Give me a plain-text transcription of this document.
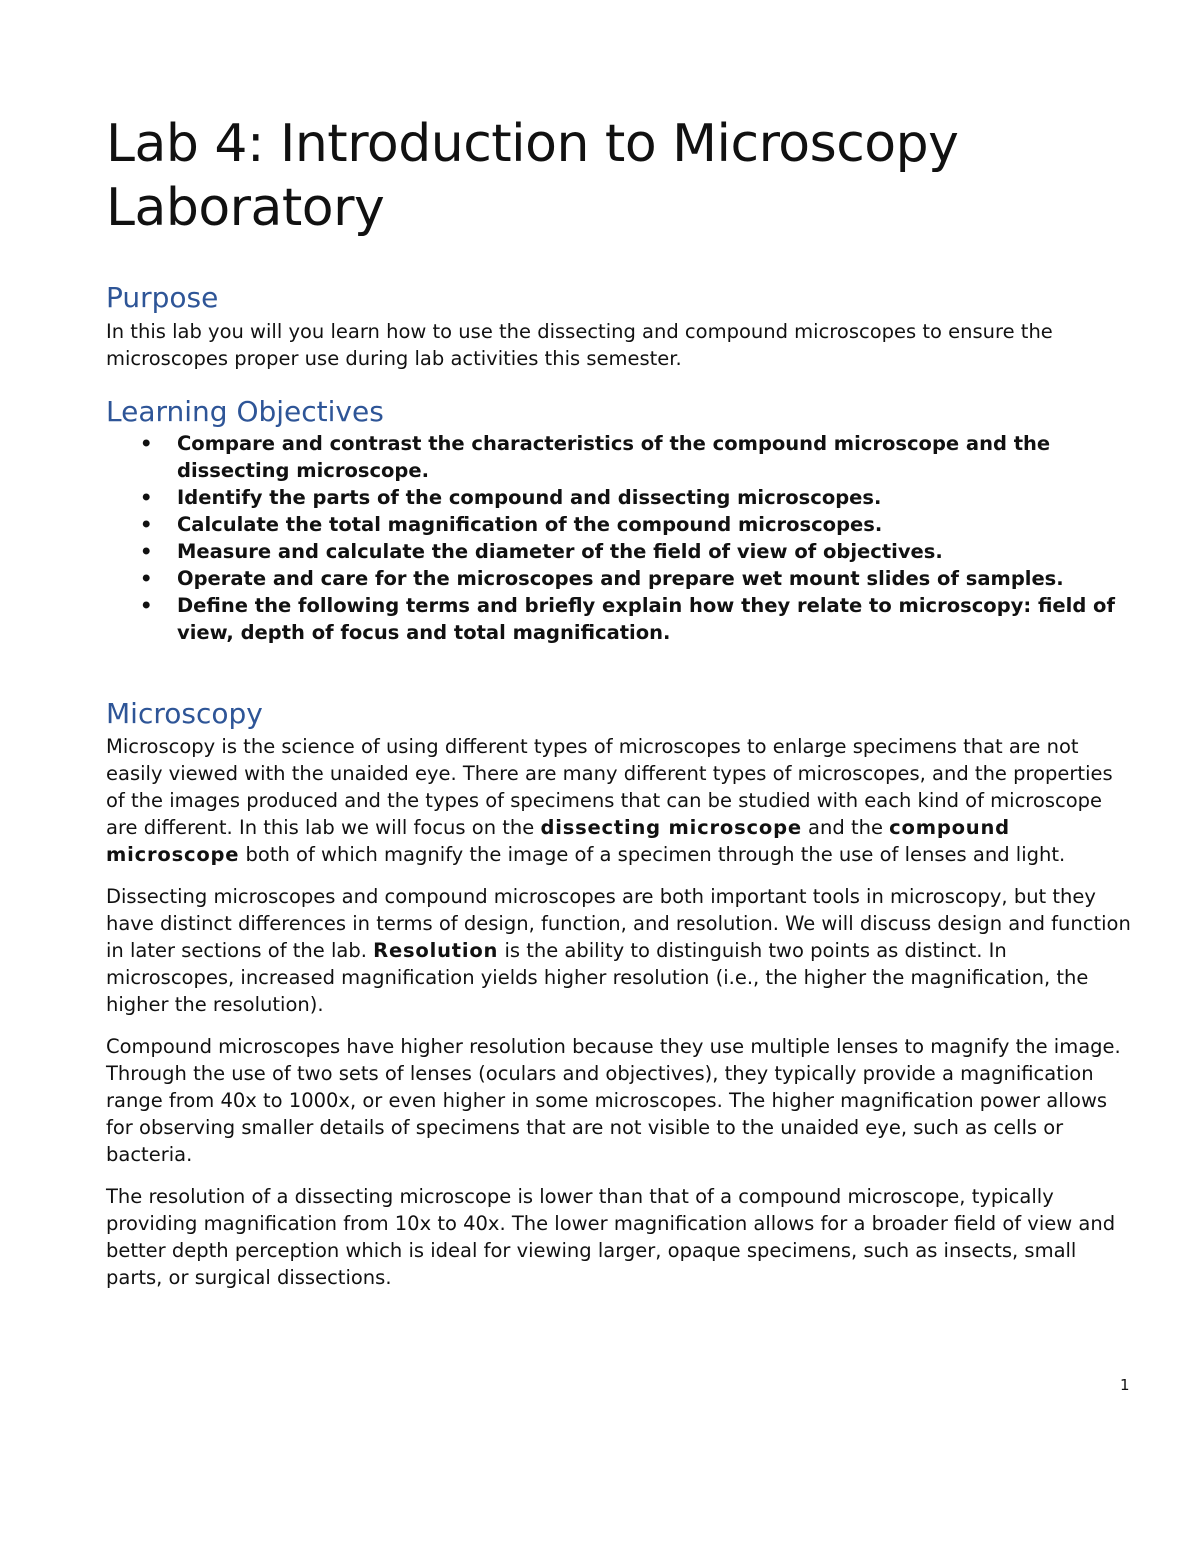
Lab 4: Introduction to Microscopy Laboratory
Purpose

In this lab you will you learn how to use the dissecting and compound microscopes to ensure the microscopes proper use during lab activities this semester.

Learning Objectives
• Compare and contrast the characteristics of the compound microscope and the dissecting microscope.
• Identify the parts of the compound and dissecting microscopes.
• Calculate the total magnification of the compound microscopes.
• Measure and calculate the diameter of the field of view of objectives.
• Operate and care for the microscopes and prepare wet mount slides of samples.
• Define the following terms and briefly explain how they relate to microscopy: field of view, depth of focus and total magnification.
Microscopy

Microscopy is the science of using different types of microscopes to enlarge specimens that are not easily viewed with the unaided eye. There are many different types of microscopes, and the properties of the images produced and the types of specimens that can be studied with each kind of microscope are different. In this lab we will focus on the dissecting microscope and the compound microscope both of which magnify the image of a specimen through the use of lenses and light.

Dissecting microscopes and compound microscopes are both important tools in microscopy, but they have distinct differences in terms of design, function, and resolution. We will discuss design and function in later sections of the lab. Resolution is the ability to distinguish two points as distinct. In microscopes, increased magnification yields higher resolution (i.e., the higher the magnification, the higher the resolution).

Compound microscopes have higher resolution because they use multiple lenses to magnify the image. Through the use of two sets of lenses (oculars and objectives), they typically provide a magnification range from 40x to 1000x, or even higher in some microscopes. The higher magnification power allows for observing smaller details of specimens that are not visible to the unaided eye, such as cells or bacteria.

The resolution of a dissecting microscope is lower than that of a compound microscope, typically providing magnification from 10x to 40x. The lower magnification allows for a broader field of view and better depth perception which is ideal for viewing larger, opaque specimens, such as insects, small parts, or surgical dissections.

1
